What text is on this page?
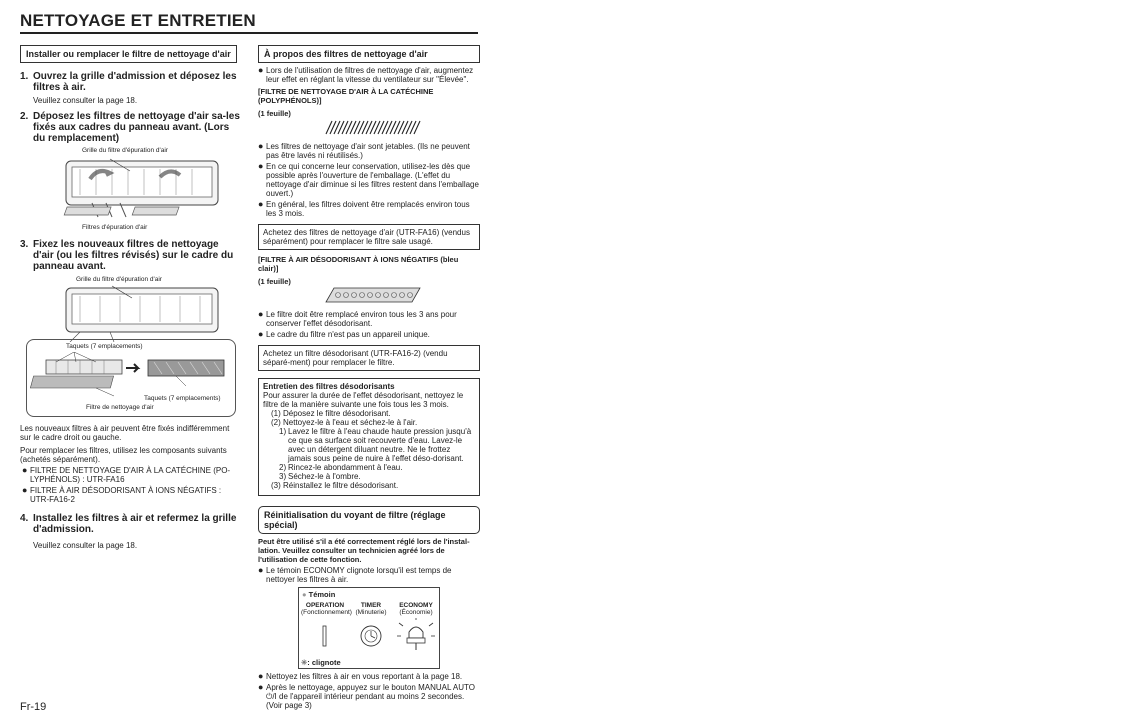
NETTOYAGE ET ENTRETIEN
Installer ou remplacer le filtre de nettoyage d'air
1. Ouvrez la grille d'admission et déposez les filtres à air.
Veuillez consulter la page 18.
2. Déposez les filtres de nettoyage d'air sa-les fixés aux cadres du panneau avant. (Lors du remplacement)
Grille du filtre d'épuration d'air
Filtres d'épuration d'air
3. Fixez les nouveaux filtres de nettoyage d'air (ou les filtres révisés) sur le cadre du panneau avant.
Grille du filtre d'épuration d'air
Taquets (7 emplacements)
Taquets (7 emplacements)
Filtre de nettoyage d'air
Les nouveaux filtres à air peuvent être fixés indifféremment sur le cadre droit ou gauche.
Pour remplacer les filtres, utilisez les composants suivants (achetés séparément).
● FILTRE DE NETTOYAGE D'AIR À LA CATÉCHINE (PO-LYPHÉNOLS) : UTR-FA16
● FILTRE À AIR DÉSODORISANT À IONS NÉGATIFS : UTR-FA16-2
4. Installez les filtres à air et refermez la grille d'admission.
Veuillez consulter la page 18.
À propos des filtres de nettoyage d'air
● Lors de l'utilisation de filtres de nettoyage d'air, augmentez leur effet en réglant la vitesse du ventilateur sur "Élevée".
[FILTRE DE NETTOYAGE D'AIR À LA CATÉCHINE (POLYPHÉNOLS)]
(1 feuille)
● Les filtres de nettoyage d'air sont jetables. (Ils ne peuvent pas être lavés ni réutilisés.)
● En ce qui concerne leur conservation, utilisez-les dès que possible après l'ouverture de l'emballage. (L'effet du nettoyage d'air diminue si les filtres restent dans l'emballage ouvert.)
● En général, les filtres doivent être remplacés environ tous les 3 mois.
Achetez des filtres de nettoyage d'air (UTR-FA16) (vendus séparément) pour remplacer le filtre sale usagé.
[FILTRE À AIR DÉSODORISANT À IONS NÉGATIFS (bleu clair)]
(1 feuille)
● Le filtre doit être remplacé environ tous les 3 ans pour conserver l'effet désodorisant.
● Le cadre du filtre n'est pas un appareil unique.
Achetez un filtre désodorisant (UTR-FA16-2) (vendu séparé-ment) pour remplacer le filtre.
Entretien des filtres désodorisants
Pour assurer la durée de l'effet désodorisant, nettoyez le filtre de la manière suivante une fois tous les 3 mois.
(1) Déposez le filtre désodorisant.
(2) Nettoyez-le à l'eau et séchez-le à l'air.
1) Lavez le filtre à l'eau chaude haute pression jusqu'à ce que sa surface soit recouverte d'eau. Lavez-le avec un détergent diluant neutre. Ne le frottez jamais sous peine de nuire à l'effet déso-dorisant.
2) Rincez-le abondamment à l'eau.
3) Séchez-le à l'ombre.
(3) Réinstallez le filtre désodorisant.
Réinitialisation du voyant de filtre (réglage spécial)
Peut être utilisé s'il a été correctement réglé lors de l'instal-lation. Veuillez consulter un technicien agréé lors de l'utilisation de cette fonction.
● Le témoin ECONOMY clignote lorsqu'il est temps de nettoyer les filtres à air.
● Témoin
OPERATION
(Fonctionnement)
TIMER
(Minuterie)
ECONOMY
(Économie)
✳: clignote
● Nettoyez les filtres à air en vous reportant à la page 18.
● Après le nettoyage, appuyez sur le bouton MANUAL AUTO ⏻/I de l'appareil intérieur pendant au moins 2 secondes. (Voir page 3)
Fr-19
